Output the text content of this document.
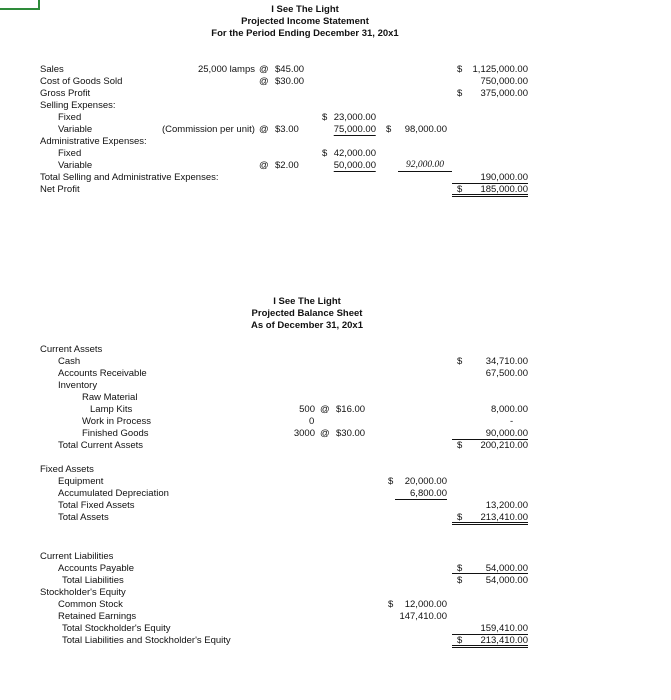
I See The Light
Projected Income Statement
For the Period Ending December 31, 20x1
Sales	25,000 lamps @ $45.00	$ 1,125,000.00
Cost of Goods Sold	@ $30.00	750,000.00
Gross Profit	$ 375,000.00
Selling Expenses:
Fixed	$ 23,000.00
Variable	(Commission per unit) @ $3.00	75,000.00 $ 98,000.00
Administrative Expenses:
Fixed	$ 42,000.00
Variable	@ $2.00	50,000.00	92,000.00
Total Selling and Administrative Expenses:	190,000.00
Net Profit	$ 185,000.00
I See The Light
Projected Balance Sheet
As of December 31, 20x1
Current Assets
Cash	$ 34,710.00
Accounts Receivable	67,500.00
Inventory
Raw Material
Lamp Kits	500 @ $16.00	8,000.00
Work in Process	0	-
Finished Goods	3000 @ $30.00	90,000.00
Total Current Assets	$ 200,210.00
Fixed Assets
Equipment	$ 20,000.00
Accumulated Depreciation	6,800.00
Total Fixed Assets	13,200.00
Total Assets	$ 213,410.00
Current Liabilities
Accounts Payable	$ 54,000.00
Total Liabilities	$ 54,000.00
Stockholder's Equity
Common Stock	$ 12,000.00
Retained Earnings	147,410.00
Total Stockholder's Equity	159,410.00
Total Liabilities and Stockholder's Equity	$ 213,410.00
